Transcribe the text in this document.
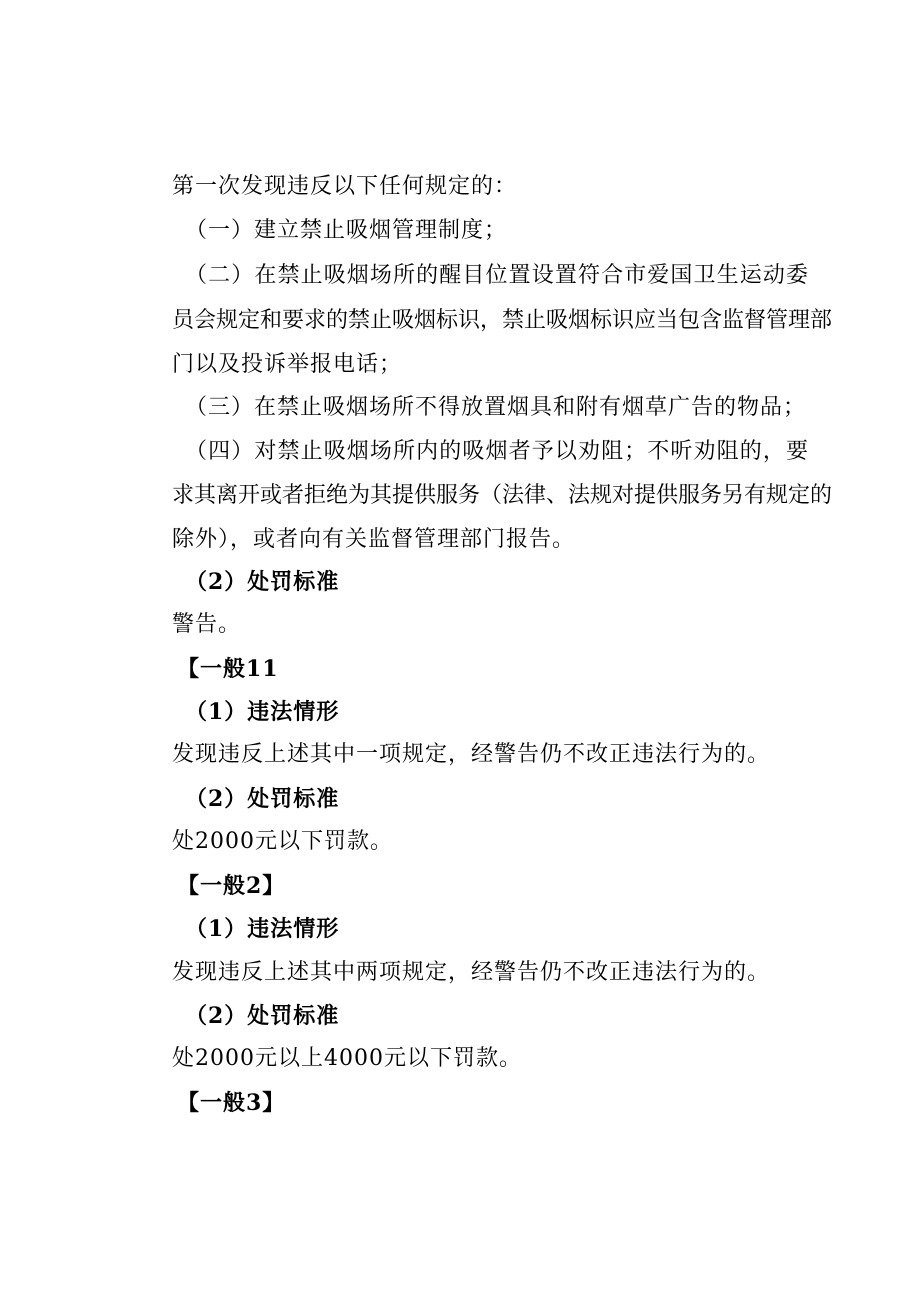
第一次发现违反以下任何规定的：
（一）建立禁止吸烟管理制度；
（二）在禁止吸烟场所的醒目位置设置符合市爱国卫生运动委
员会规定和要求的禁止吸烟标识，禁止吸烟标识应当包含监督管理部
门以及投诉举报电话；
（三）在禁止吸烟场所不得放置烟具和附有烟草广告的物品；
（四）对禁止吸烟场所内的吸烟者予以劝阻；不听劝阻的，要
求其离开或者拒绝为其提供服务（法律、法规对提供服务另有规定的
除外），或者向有关监督管理部门报告。
（2）处罚标准
警告。
【一般11
（1）违法情形
发现违反上述其中一项规定，经警告仍不改正违法行为的。
（2）处罚标准
处2000元以下罚款。
【一般2】
（1）违法情形
发现违反上述其中两项规定，经警告仍不改正违法行为的。
（2）处罚标准
处2000元以上4000元以下罚款。
【一般3】
